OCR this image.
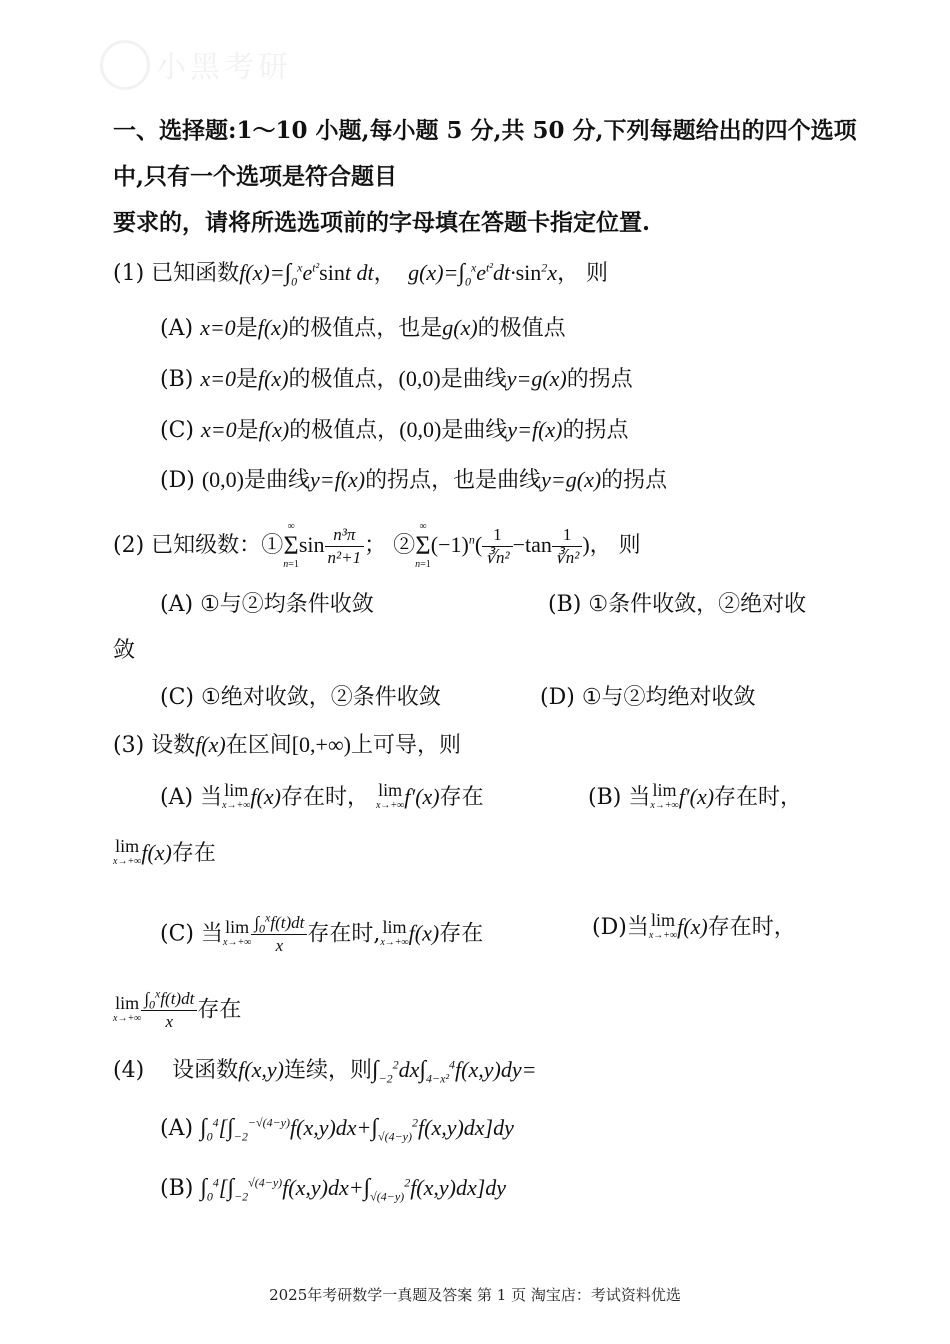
小黑考研
一、选择题:1～10 小题,每小题 5 分,共 50 分,下列每题给出的四个选项
中,只有一个选项是符合题目
要求的，请将所选选项前的字母填在答题卡指定位置.
(1) 已知函数$f(x)=\int_0^xe^{t^2}\sin t$ dt，  $g(x)=\int_0^xe^{t^2}dt\cdot\sin^2x$， 则
(A) x=0是f(x)的极值点，也是g(x)的极值点
(B) x=0是f(x)的极值点，(0,0)是曲线y=g(x)的拐点
(C) x=0是f(x)的极值点，(0,0)是曲线y=f(x)的拐点
(D) (0,0)是曲线y=f(x)的拐点，也是曲线y=g(x)的拐点
(2) 已知级数：①
∞
Σ
n=1
$\sin \frac{\text{n³π}}{\text{n²+1}}$ ； ②
∞
Σ
n=1
$(-1)^n( \frac{1}{\text{∛n²}} -\tan \frac{1}{\text{∛n²}}$ )， 则
(A) ①与②均条件收敛	(B) ①条件收敛，②绝对收
敛
(C) ①绝对收敛，②条件收敛	(D) ①与②均绝对收敛
(3) 设数f(x)在区间[0,+∞)上可导，则
(A) 当 lim
x→+∞ f(x)存在时， lim
x→+∞ f′(x)存在	(B) 当 lim
x→+∞ f′(x)存在时，
lim
x→+∞ f(x)存在
(C) 当 lim
$x\to+\infty \frac{\int_0^xf(t)dt}{x}$ 存在时, lim
x→+∞ f(x)存在	(D)当 lim
x→+∞ f(x)存在时，
lim
$x\to+\infty \frac{\int_0^xf(t)dt}{x}$ 存在
(4) 设函数f(x,y)连续，则$\int_{-2}^2dx\int_{4-x^2}^4f(x,y)dy=$
(A) $\int_0^4[\int_{-2}^{-√(4-y)}f(x,y)dx+\int_{√(4-y)}^2f(x,y)dx]dy$
(B) $\int_0^4[\int_{-2}^{√(4-y)}f(x,y)dx+\int_{√(4-y)}^2f(x,y)dx]dy$
2025年考研数学一真题及答案 第 1 页 淘宝店：考试资料优选
